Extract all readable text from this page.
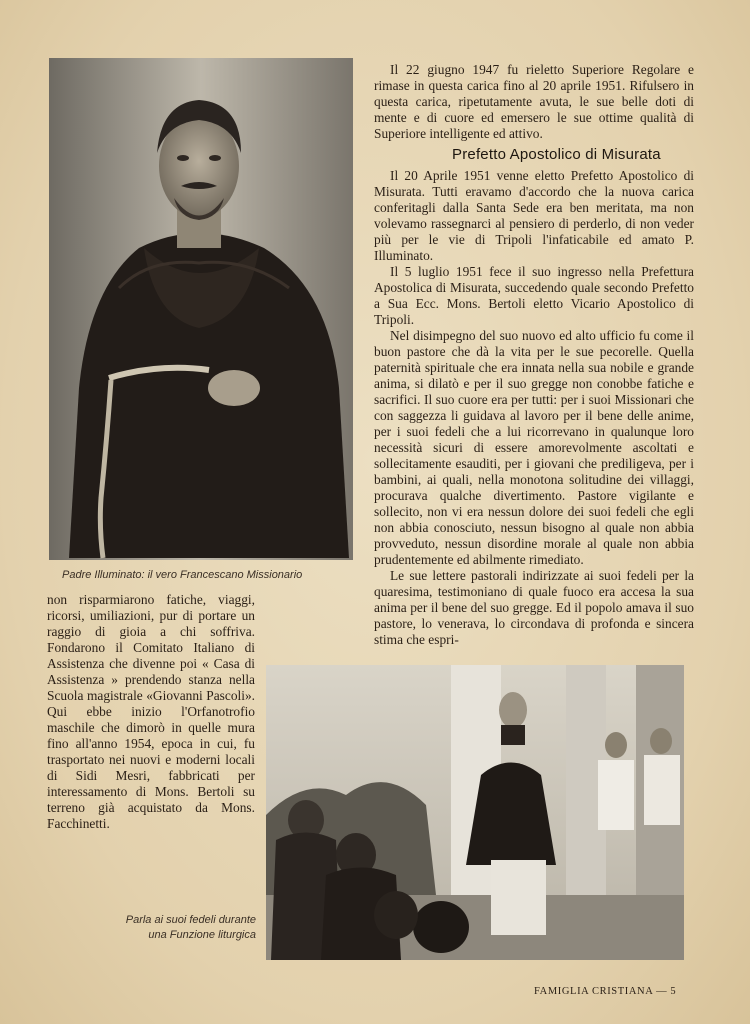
Padre Illuminato: il vero Francescano Missionario

Il 22 giugno 1947 fu rieletto Superiore Regolare e rimase in questa carica fino al 20 aprile 1951. Rifulsero in questa carica, ripetutamente avuta, le sue belle doti di mente e di cuore ed emersero le sue ottime qualità di Superiore intelligente ed attivo.

Prefetto Apostolico di Misurata

Il 20 Aprile 1951 venne eletto Prefetto Apostolico di Misurata. Tutti eravamo d'accordo che la nuova carica conferitagli dalla Santa Sede era ben meritata, ma non volevamo rassegnarci al pensiero di perderlo, di non veder più per le vie di Tripoli l'infaticabile ed amato P. Illuminato.

Il 5 luglio 1951 fece il suo ingresso nella Prefettura Apostolica di Misurata, succedendo quale secondo Prefetto a Sua Ecc. Mons. Bertoli eletto Vicario Apostolico di Tripoli.

Nel disimpegno del suo nuovo ed alto ufficio fu come il buon pastore che dà la vita per le sue pecorelle. Quella paternità spirituale che era innata nella sua nobile e grande anima, si dilatò e per il suo gregge non conobbe fatiche e sacrifici. Il suo cuore era per tutti: per i suoi Missionari che con saggezza li guidava al lavoro per il bene delle anime, per i suoi fedeli che a lui ricorrevano in qualunque loro necessità sicuri di essere amorevolmente ascoltati e sollecitamente esauditi, per i giovani che prediligeva, per i bambini, ai quali, nella monotona solitudine dei villaggi, procurava qualche divertimento. Pastore vigilante e sollecito, non vi era nessun dolore dei suoi fedeli che egli non abbia conosciuto, nessun bisogno al quale non abbia provveduto, nessun disordine morale al quale non abbia prudentemente ed abilmente rimediato.

Le sue lettere pastorali indirizzate ai suoi fedeli per la quaresima, testimoniano di quale fuoco era accesa la sua anima per il bene del suo gregge. Ed il popolo amava il suo pastore, lo venerava, lo circondava di profonda e sincera stima che espri-

non risparmiarono fatiche, viaggi, ricorsi, umiliazioni, pur di portare un raggio di gioia a chi soffriva. Fondarono il Comitato Italiano di Assistenza che divenne poi « Casa di Assistenza » prendendo stanza nella Scuola magistrale «Giovanni Pascoli». Qui ebbe inizio l'Orfanotrofio maschile che dimorò in quelle mura fino all'anno 1954, epoca in cui, fu trasportato nei nuovi e moderni locali di Sidi Mesri, fabbricati per interessamento di Mons. Bertoli su terreno già acquistato da Mons. Facchinetti.

Parla ai suoi fedeli durante una Funzione liturgica
FAMIGLIA CRISTIANA — 5
